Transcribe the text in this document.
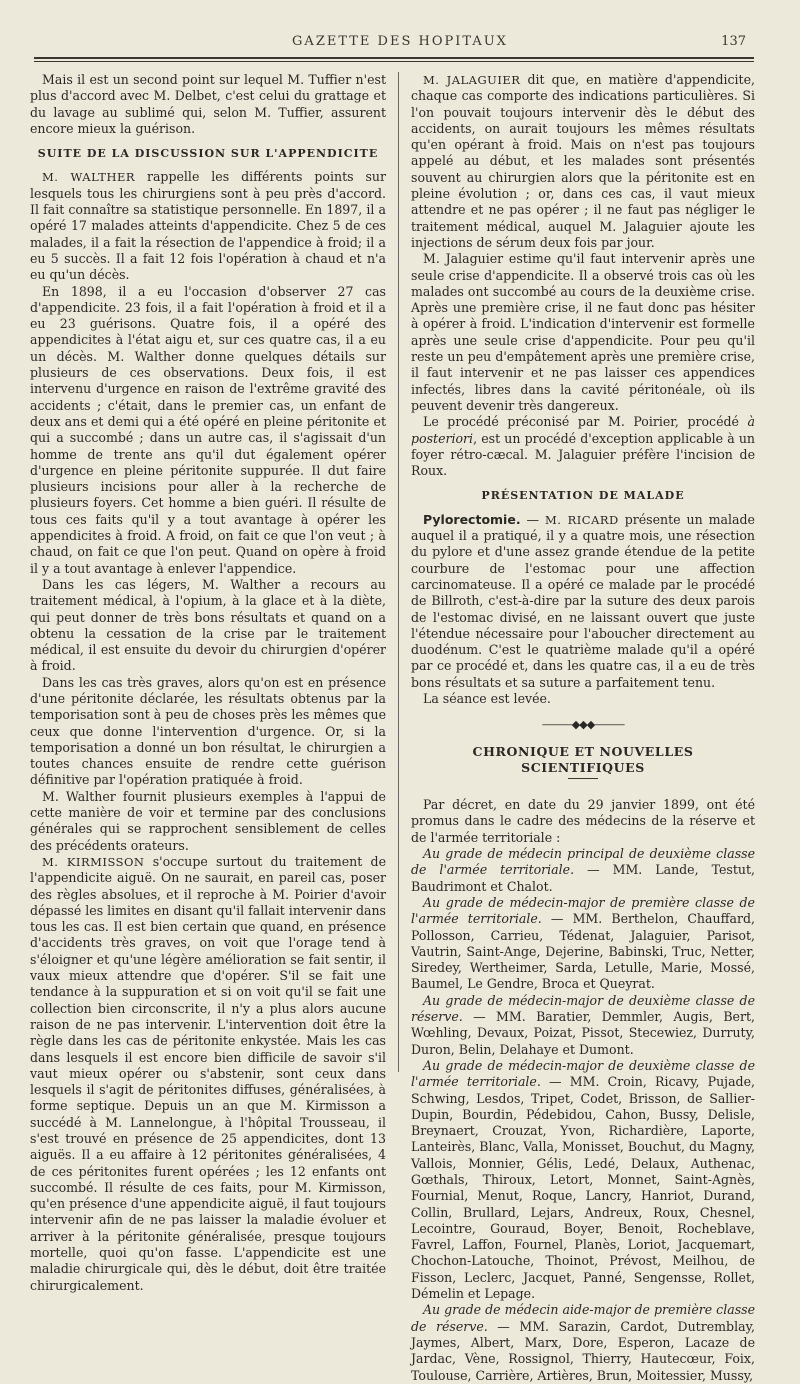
GAZETTE DES HOPITAUX	137

Mais il est un second point sur lequel M. Tuffier n'est plus d'accord avec M. Delbet, c'est celui du grattage et du lavage au sublimé qui, selon M. Tuffier, assurent encore mieux la guérison.

SUITE DE LA DISCUSSION SUR L'APPENDICITE

M. WALTHER rappelle les différents points sur lesquels tous les chirurgiens sont à peu près d'accord. Il fait connaître sa statistique personnelle. En 1897, il a opéré 17 malades atteints d'appendicite. Chez 5 de ces malades, il a fait la résection de l'appendice à froid; il a eu 5 succès. Il a fait 12 fois l'opération à chaud et n'a eu qu'un décès.

En 1898, il a eu l'occasion d'observer 27 cas d'appendicite. 23 fois, il a fait l'opération à froid et il a eu 23 guérisons. Quatre fois, il a opéré des appendicites à l'état aigu et, sur ces quatre cas, il a eu un décès. M. Walther donne quelques détails sur plusieurs de ces observations. Deux fois, il est intervenu d'urgence en raison de l'extrême gravité des accidents ; c'était, dans le premier cas, un enfant de deux ans et demi qui a été opéré en pleine péritonite et qui a succombé ; dans un autre cas, il s'agissait d'un homme de trente ans qu'il dut également opérer d'urgence en pleine péritonite suppurée. Il dut faire plusieurs incisions pour aller à la recherche de plusieurs foyers. Cet homme a bien guéri. Il résulte de tous ces faits qu'il y a tout avantage à opérer les appendicites à froid. A froid, on fait ce que l'on veut ; à chaud, on fait ce que l'on peut. Quand on opère à froid il y a tout avantage à enlever l'appendice.

Dans les cas légers, M. Walther a recours au traitement médical, à l'opium, à la glace et à la diète, qui peut donner de très bons résultats et quand on a obtenu la cessation de la crise par le traitement médical, il est ensuite du devoir du chirurgien d'opérer à froid.

Dans les cas très graves, alors qu'on est en présence d'une péritonite déclarée, les résultats obtenus par la temporisation sont à peu de choses près les mêmes que ceux que donne l'intervention d'urgence. Or, si la temporisation a donné un bon résultat, le chirurgien a toutes chances ensuite de rendre cette guérison définitive par l'opération pratiquée à froid.

M. Walther fournit plusieurs exemples à l'appui de cette manière de voir et termine par des conclusions générales qui se rapprochent sensiblement de celles des précédents orateurs.

M. KIRMISSON s'occupe surtout du traitement de l'appendicite aiguë. On ne saurait, en pareil cas, poser des règles absolues, et il reproche à M. Poirier d'avoir dépassé les limites en disant qu'il fallait intervenir dans tous les cas. Il est bien certain que quand, en présence d'accidents très graves, on voit que l'orage tend à s'éloigner et qu'une légère amélioration se fait sentir, il vaux mieux attendre que d'opérer. S'il se fait une tendance à la suppuration et si on voit qu'il se fait une collection bien circonscrite, il n'y a plus alors aucune raison de ne pas intervenir. L'intervention doit être la règle dans les cas de péritonite enkystée. Mais les cas dans lesquels il est encore bien difficile de savoir s'il vaut mieux opérer ou s'abstenir, sont ceux dans lesquels il s'agit de péritonites diffuses, généralisées, à forme septique. Depuis un an que M. Kirmisson a succédé à M. Lannelongue, à l'hôpital Trousseau, il s'est trouvé en présence de 25 appendicites, dont 13 aiguës. Il a eu affaire à 12 péritonites généralisées, 4 de ces péritonites furent opérées ; les 12 enfants ont succombé. Il résulte de ces faits, pour M. Kirmisson, qu'en présence d'une appendicite aiguë, il faut toujours intervenir afin de ne pas laisser la maladie évoluer et arriver à la péritonite généralisée, presque toujours mortelle, quoi qu'on fasse. L'appendicite est une maladie chirurgicale qui, dès le début, doit être traitée chirurgicalement.

M. JALAGUIER dit que, en matière d'appendicite, chaque cas comporte des indications particulières. Si l'on pouvait toujours intervenir dès le début des accidents, on aurait toujours les mêmes résultats qu'en opérant à froid. Mais on n'est pas toujours appelé au début, et les malades sont présentés souvent au chirurgien alors que la péritonite est en pleine évolution ; or, dans ces cas, il vaut mieux attendre et ne pas opérer ; il ne faut pas négliger le traitement médical, auquel M. Jalaguier ajoute les injections de sérum deux fois par jour.

M. Jalaguier estime qu'il faut intervenir après une seule crise d'appendicite. Il a observé trois cas où les malades ont succombé au cours de la deuxième crise. Après une première crise, il ne faut donc pas hésiter à opérer à froid. L'indication d'intervenir est formelle après une seule crise d'appendicite. Pour peu qu'il reste un peu d'empâtement après une première crise, il faut intervenir et ne pas laisser ces appendices infectés, libres dans la cavité péritonéale, où ils peuvent devenir très dangereux.

Le procédé préconisé par M. Poirier, procédé à posteriori, est un procédé d'exception applicable à un foyer rétro-cæcal. M. Jalaguier préfère l'incision de Roux.

PRÉSENTATION DE MALADE

Pylorectomie. — M. RICARD présente un malade auquel il a pratiqué, il y a quatre mois, une résection du pylore et d'une assez grande étendue de la petite courbure de l'estomac pour une affection carcinomateuse. Il a opéré ce malade par le procédé de Billroth, c'est-à-dire par la suture des deux parois de l'estomac divisé, en ne laissant ouvert que juste l'étendue nécessaire pour l'aboucher directement au duodénum. C'est le quatrième malade qu'il a opéré par ce procédé et, dans les quatre cas, il a eu de très bons résultats et sa suture a parfaitement tenu.

La séance est levée.

———◆◆◆———
CHRONIQUE ET NOUVELLES SCIENTIFIQUES

Par décret, en date du 29 janvier 1899, ont été promus dans le cadre des médecins de la réserve et de l'armée territoriale :

Au grade de médecin principal de deuxième classe de l'armée territoriale. — MM. Lande, Testut, Baudrimont et Chalot.

Au grade de médecin-major de première classe de l'armée territoriale. — MM. Berthelon, Chauffard, Pollosson, Carrieu, Tédenat, Jalaguier, Parisot, Vautrin, Saint-Ange, Dejerine, Babinski, Truc, Netter, Siredey, Wertheimer, Sarda, Letulle, Marie, Mossé, Baumel, Le Gendre, Broca et Queyrat.

Au grade de médecin-major de deuxième classe de réserve. — MM. Baratier, Demmler, Augis, Bert, Wœhling, Devaux, Poizat, Pissot, Stecewiez, Durruty, Duron, Belin, Delahaye et Dumont.

Au grade de médecin-major de deuxième classe de l'armée territoriale. — MM. Croin, Ricavy, Pujade, Schwing, Lesdos, Tripet, Codet, Brisson, de Sallier-Dupin, Bourdin, Pédebidou, Cahon, Bussy, Delisle, Breynaert, Crouzat, Yvon, Richardière, Laporte, Lanteirès, Blanc, Valla, Monisset, Bouchut, du Magny, Vallois, Monnier, Gélis, Ledé, Delaux, Authenac, Gœthals, Thiroux, Letort, Monnet, Saint-Agnès, Fournial, Menut, Roque, Lancry, Hanriot, Durand, Collin, Brullard, Lejars, Andreux, Roux, Chesnel, Lecointre, Gouraud, Boyer, Benoit, Rocheblave, Favrel, Laffon, Fournel, Planès, Loriot, Jacquemart, Chochon-Latouche, Thoinot, Prévost, Meilhou, de Fisson, Leclerc, Jacquet, Panné, Sengensse, Rollet, Démelin et Lepage.

Au grade de médecin aide-major de première classe de réserve. — MM. Sarazin, Cardot, Dutremblay, Jaymes, Albert, Marx, Dore, Esperon, Lacaze de Jardac, Vène, Rossignol, Thierry, Hautecœur, Foix, Toulouse, Carrière, Artières, Brun, Moitessier, Mussy,
